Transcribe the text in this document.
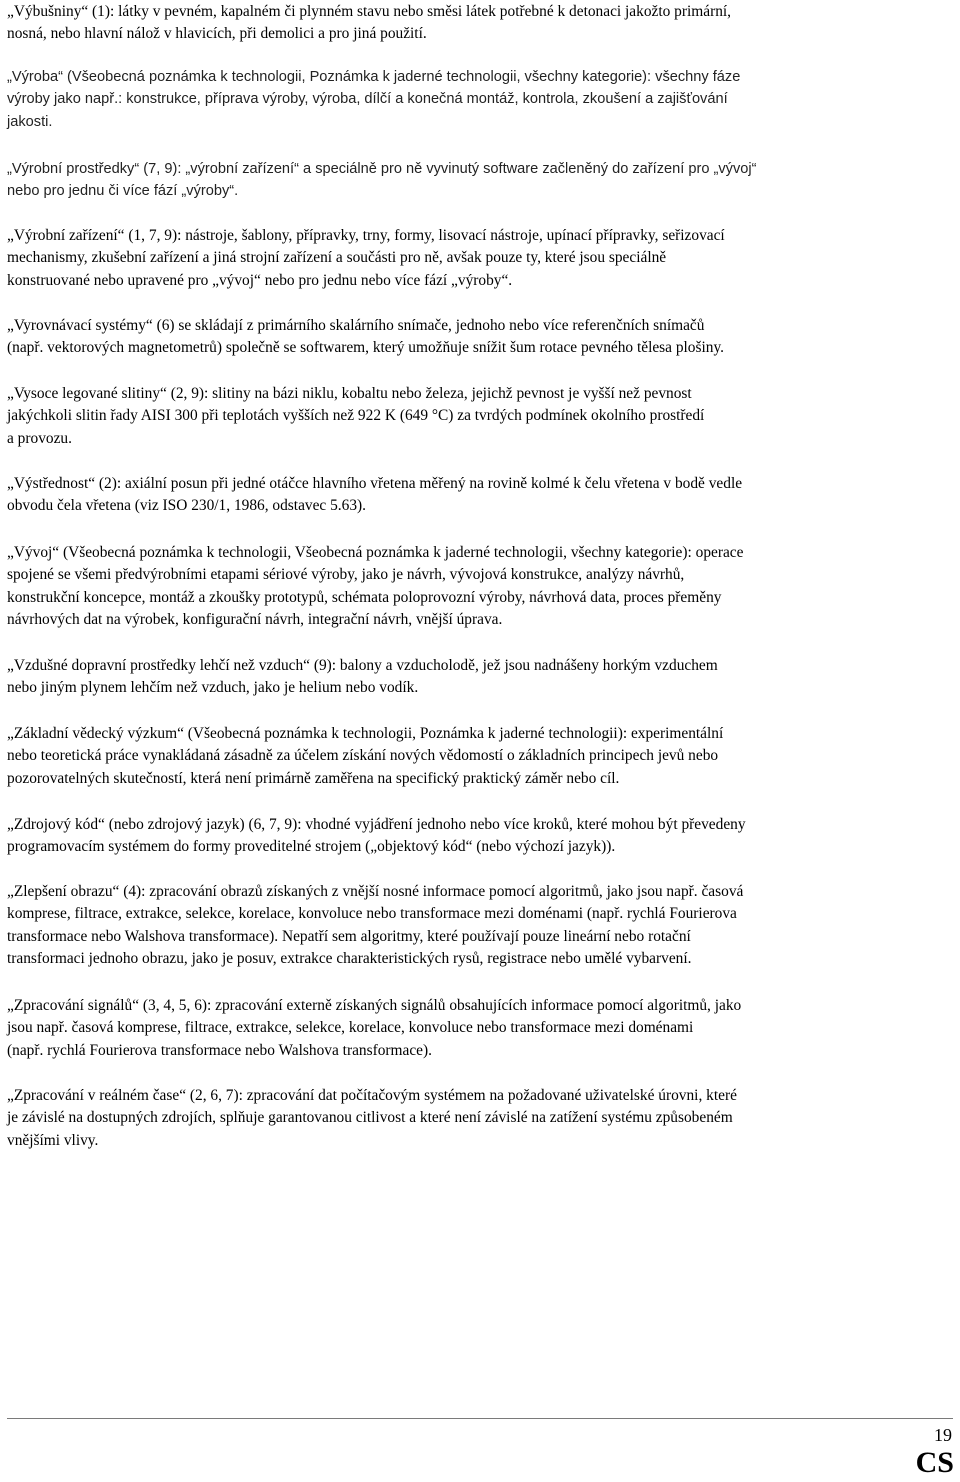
„Výbušniny“ (1): látky v pevném, kapalném či plynném stavu nebo směsi látek potřebné k detonaci jakožto primární,
nosná, nebo hlavní nálož v hlavicích, při demolici a pro jiná použití.
„Výroba“ (Všeobecná poznámka k technologii, Poznámka k jaderné technologii, všechny kategorie): všechny fáze
výroby jako např.: konstrukce, příprava výroby, výroba, dílčí a konečná montáž, kontrola, zkoušení a zajišťování
jakosti.
„Výrobní prostředky“ (7, 9): „výrobní zařízení“ a speciálně pro ně vyvinutý software začleněný do zařízení pro „vývoj“
nebo pro jednu či více fází „výroby“.
„Výrobní zařízení“ (1, 7, 9): nástroje, šablony, přípravky, trny, formy, lisovací nástroje, upínací přípravky, seřizovací
mechanismy, zkušební zařízení a jiná strojní zařízení a součásti pro ně, avšak pouze ty, které jsou speciálně
konstruované nebo upravené pro „vývoj“ nebo pro jednu nebo více fází „výroby“.
„Vyrovnávací systémy“ (6) se skládají z primárního skalárního snímače, jednoho nebo více referenčních snímačů
(např. vektorových magnetometrů) společně se softwarem, který umožňuje snížit šum rotace pevného tělesa plošiny.
„Vysoce legované slitiny“ (2, 9): slitiny na bázi niklu, kobaltu nebo železa, jejichž pevnost je vyšší než pevnost
jakýchkoli slitin řady AISI 300 při teplotách vyšších než 922 K (649 °C) za tvrdých podmínek okolního prostředí
a provozu.
„Výstřednost“ (2): axiální posun při jedné otáčce hlavního vřetena měřený na rovině kolmé k čelu vřetena v bodě vedle
obvodu čela vřetena (viz ISO 230/1, 1986, odstavec 5.63).
„Vývoj“ (Všeobecná poznámka k technologii, Všeobecná poznámka k jaderné technologii, všechny kategorie): operace
spojené se všemi předvýrobními etapami sériové výroby, jako je návrh, vývojová konstrukce, analýzy návrhů,
konstrukční koncepce, montáž a zkoušky prototypů, schémata poloprovozní výroby, návrhová data, proces přeměny
návrhových dat na výrobek, konfigurační návrh, integrační návrh, vnější úprava.
„Vzdušné dopravní prostředky lehčí než vzduch“ (9): balony a vzducholodě, jež jsou nadnášeny horkým vzduchem
nebo jiným plynem lehčím než vzduch, jako je helium nebo vodík.
„Základní vědecký výzkum“ (Všeobecná poznámka k technologii, Poznámka k jaderné technologii): experimentální
nebo teoretická práce vynakládaná zásadně za účelem získání nových vědomostí o základních principech jevů nebo
pozorovatelných skutečností, která není primárně zaměřena na specifický praktický záměr nebo cíl.
„Zdrojový kód“ (nebo zdrojový jazyk) (6, 7, 9): vhodné vyjádření jednoho nebo více kroků, které mohou být převedeny
programovacím systémem do formy proveditelné strojem („objektový kód“ (nebo výchozí jazyk)).
„Zlepšení obrazu“ (4): zpracování obrazů získaných z vnější nosné informace pomocí algoritmů, jako jsou např. časová
komprese, filtrace, extrakce, selekce, korelace, konvoluce nebo transformace mezi doménami (např. rychlá Fourierova
transformace nebo Walshova transformace). Nepatří sem algoritmy, které používají pouze lineární nebo rotační
transformaci jednoho obrazu, jako je posuv, extrakce charakteristických rysů, registrace nebo umělé vybarvení.
„Zpracování signálů“ (3, 4, 5, 6): zpracování externě získaných signálů obsahujících informace pomocí algoritmů, jako
jsou např. časová komprese, filtrace, extrakce, selekce, korelace, konvoluce nebo transformace mezi doménami
(např. rychlá Fourierova transformace nebo Walshova transformace).
„Zpracování v reálném čase“ (2, 6, 7): zpracování dat počítačovým systémem na požadované uživatelské úrovni, které
je závislé na dostupných zdrojích, splňuje garantovanou citlivost a které není závislé na zatížení systému způsobeném
vnějšími vlivy.
19
CS
